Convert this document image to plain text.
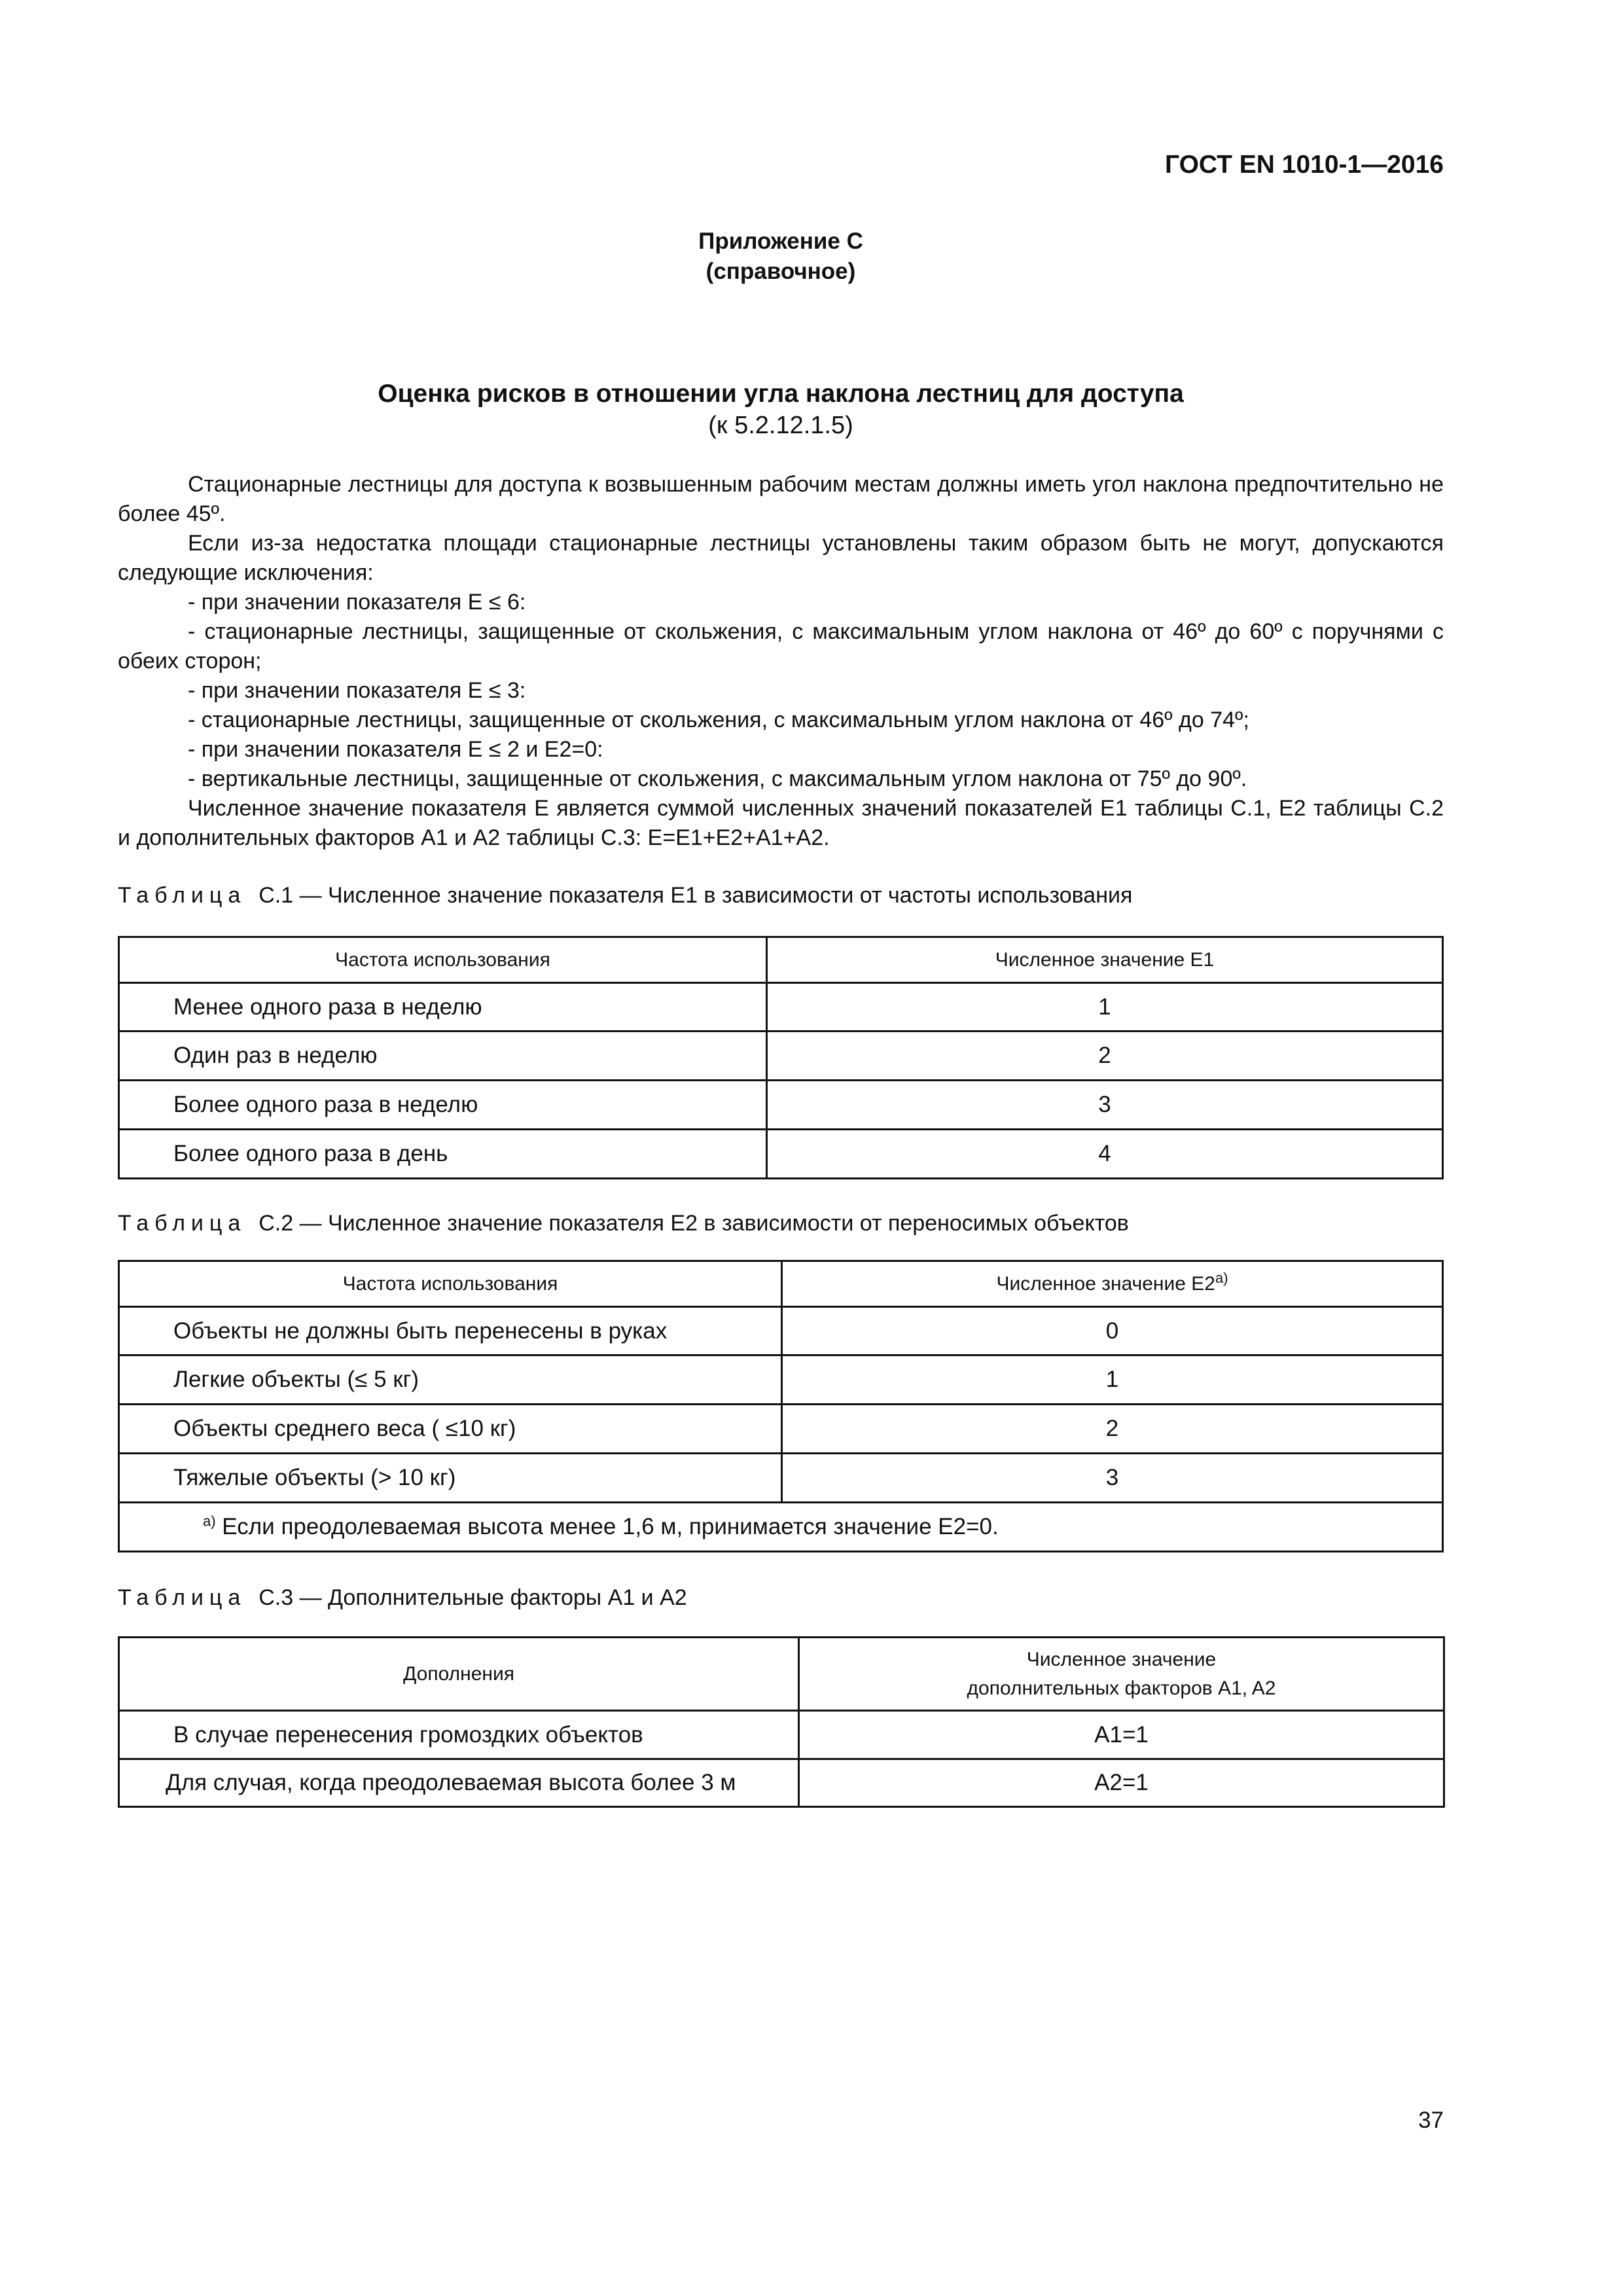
ГОСТ EN 1010-1—2016
Приложение C
(справочное)
Оценка рисков в отношении угла наклона лестниц для доступа
(к 5.2.12.1.5)

Стационарные лестницы для доступа к возвышенным рабочим местам должны иметь угол наклона предпочтительно не более 45º.

Если из-за недостатка площади стационарные лестницы установлены таким образом быть не могут, допускаются следующие исключения:

- при значении показателя E ≤ 6:

- стационарные лестницы, защищенные от скольжения, с максимальным углом наклона от 46º до 60º с поручнями с обеих сторон;

- при значении показателя E ≤ 3:

- стационарные лестницы, защищенные от скольжения, с максимальным углом наклона от 46º до 74º;

- при значении показателя E ≤ 2 и E2=0:

- вертикальные лестницы, защищенные от скольжения, с максимальным углом наклона от 75º до 90º.

Численное значение показателя E является суммой численных значений показателей E1 таблицы C.1, E2 таблицы C.2 и дополнительных факторов A1 и A2 таблицы C.3: E=E1+E2+A1+A2.

Таблица C.1 — Численное значение показателя E1 в зависимости от частоты использования
Частота использования	Численное значение E1
Менее одного раза в неделю	1
Один раз в неделю	2
Более одного раза в неделю	3
Более одного раза в день	4
Таблица C.2 — Численное значение показателя E2 в зависимости от переносимых объектов
Частота использования	Численное значение E2$^{a)}$
Объекты не должны быть перенесены в руках	0
Легкие объекты (≤ 5 кг)	1
Объекты среднего веса ( ≤10 кг)	2
Тяжелые объекты (> 10 кг)	3
$^{a)}$ Если преодолеваемая высота менее 1,6 м, принимается значение E2=0.	
Таблица C.3 — Дополнительные факторы A1 и A2
Дополнения	Численное значение
дополнительных факторов A1, A2

В случае перенесения громоздких объектов	A1=1
Для случая, когда преодолеваемая высота более 3 м	A2=1
37
